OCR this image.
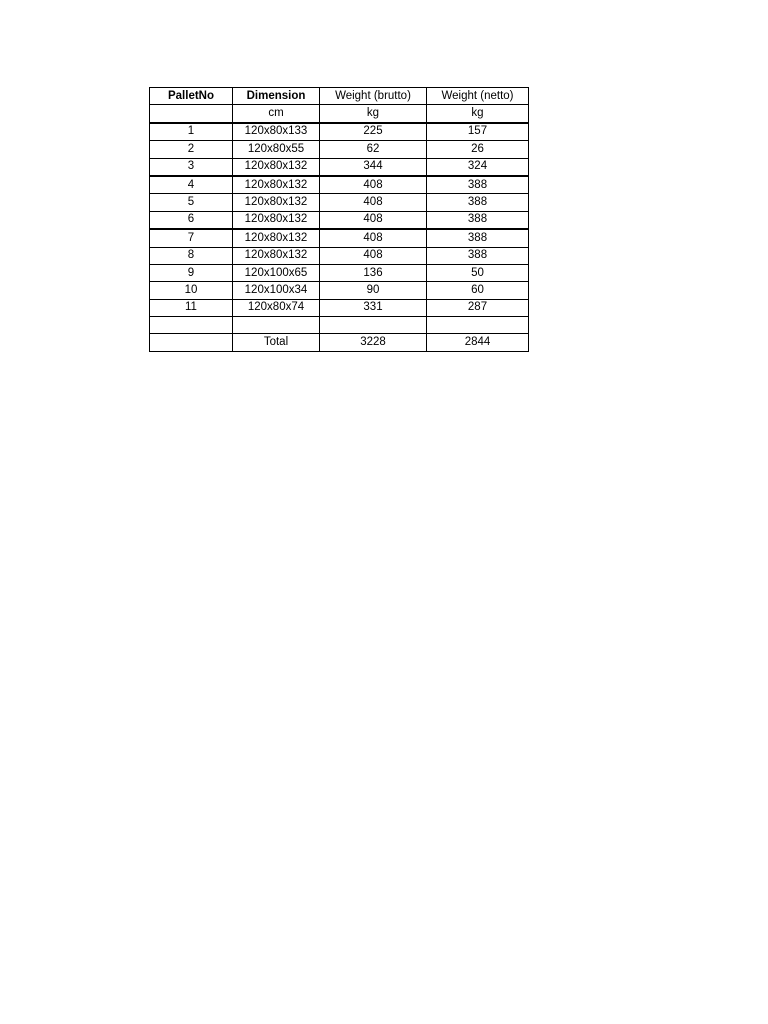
PalletNo	Dimension	Weight (brutto)	Weight (netto)
	cm	kg	kg
1	120x80x133	225	157
2	120x80x55	62	26
3	120x80x132	344	324
4	120x80x132	408	388
5	120x80x132	408	388
6	120x80x132	408	388
7	120x80x132	408	388
8	120x80x132	408	388
9	120x100x65	136	50
10	120x100x34	90	60
11	120x80x74	331	287

	Total	3228	2844
